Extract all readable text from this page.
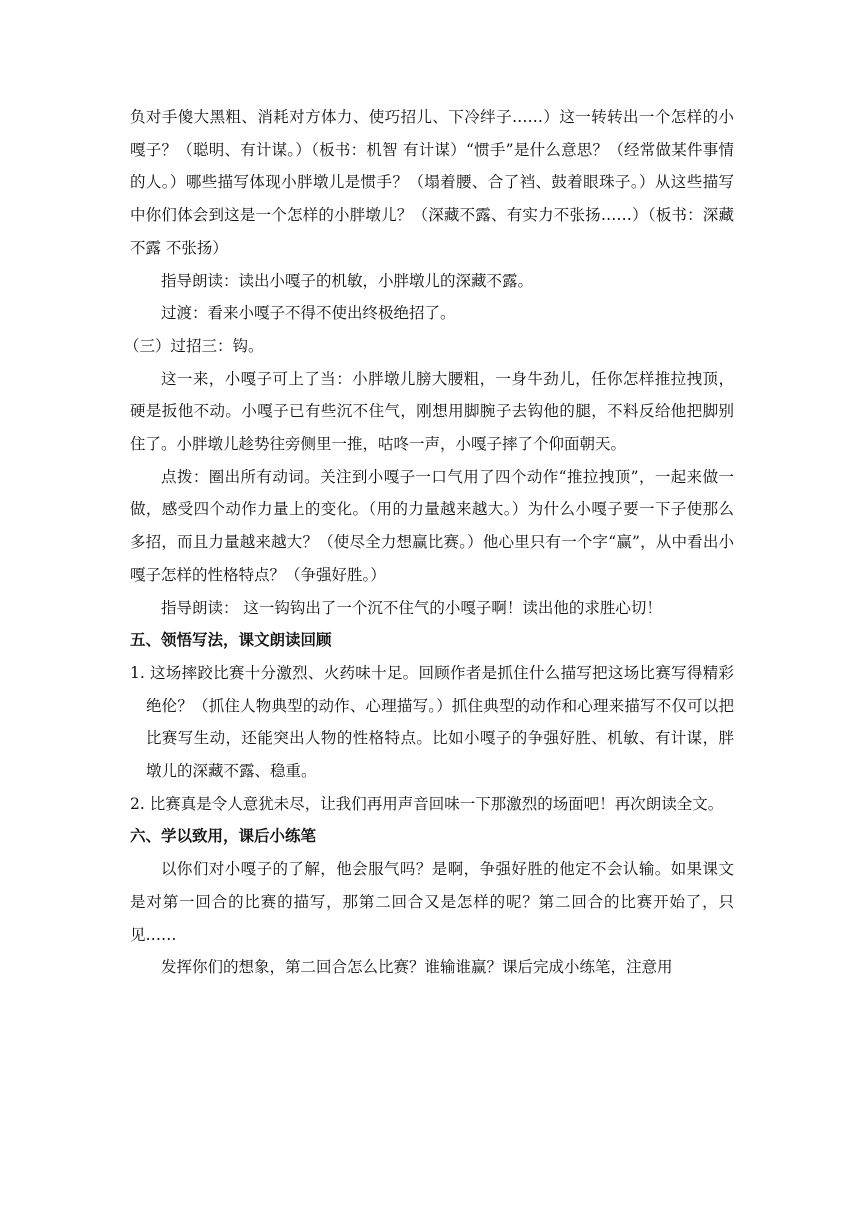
负对手傻大黑粗、消耗对方体力、使巧招儿、下冷绊子……）这一转转出一个怎样的小嘎子？（聪明、有计谋。）（板书：机智 有计谋）“惯手”是什么意思？（经常做某件事情的人。）哪些描写体现小胖墩儿是惯手？（塌着腰、合了裆、鼓着眼珠子。）从这些描写中你们体会到这是一个怎样的小胖墩儿？（深藏不露、有实力不张扬……）（板书：深藏不露 不张扬）

指导朗读：读出小嘎子的机敏，小胖墩儿的深藏不露。

过渡：看来小嘎子不得不使出终极绝招了。

（三）过招三：钩。

这一来，小嘎子可上了当：小胖墩儿膀大腰粗，一身牛劲儿，任你怎样推拉拽顶，硬是扳他不动。小嘎子已有些沉不住气，刚想用脚腕子去钩他的腿，不料反给他把脚别住了。小胖墩儿趁势往旁侧里一推，咕咚一声，小嘎子摔了个仰面朝天。

点拨：圈出所有动词。关注到小嘎子一口气用了四个动作“推拉拽顶”，一起来做一做，感受四个动作力量上的变化。（用的力量越来越大。）为什么小嘎子要一下子使那么多招，而且力量越来越大？（使尽全力想赢比赛。）他心里只有一个字“赢”，从中看出小嘎子怎样的性格特点？（争强好胜。）

指导朗读： 这一钩钩出了一个沉不住气的小嘎子啊！读出他的求胜心切！

五、领悟写法，课文朗读回顾

1. 这场摔跤比赛十分激烈、火药味十足。回顾作者是抓住什么描写把这场比赛写得精彩绝伦？（抓住人物典型的动作、心理描写。）抓住典型的动作和心理来描写不仅可以把比赛写生动，还能突出人物的性格特点。比如小嘎子的争强好胜、机敏、有计谋，胖墩儿的深藏不露、稳重。

2. 比赛真是令人意犹未尽，让我们再用声音回味一下那激烈的场面吧！再次朗读全文。

六、学以致用，课后小练笔

以你们对小嘎子的了解，他会服气吗？是啊，争强好胜的他定不会认输。如果课文是对第一回合的比赛的描写，那第二回合又是怎样的呢？第二回合的比赛开始了，只见……

发挥你们的想象，第二回合怎么比赛？谁输谁赢？课后完成小练笔，注意用
